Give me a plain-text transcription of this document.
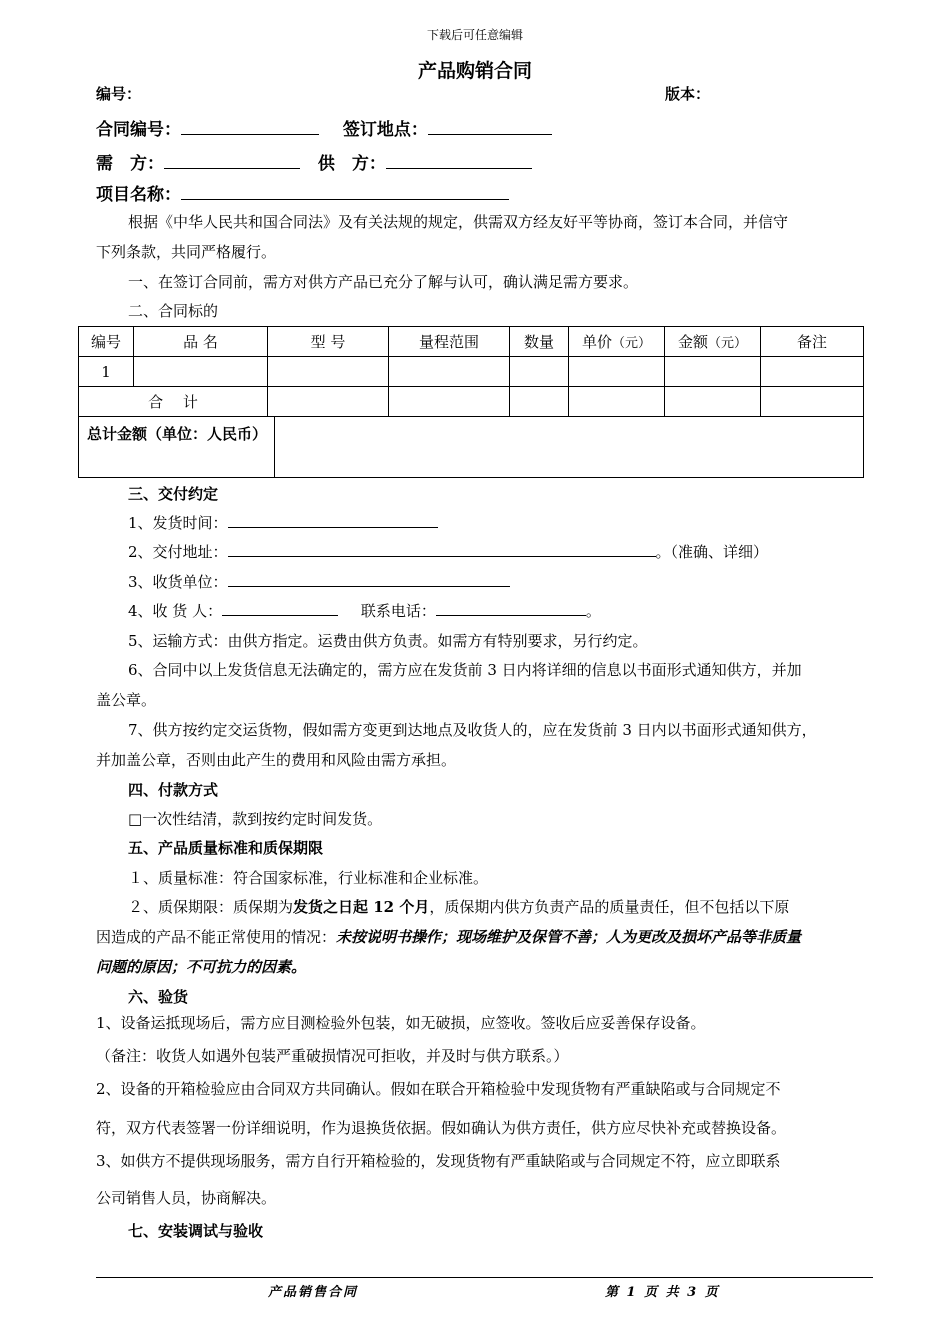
下载后可任意编辑
产品购销合同
编号：	版本：
合同编号：	签订地点：
需　方：	供　方：
项目名称：
根据《中华人民共和国合同法》及有关法规的规定，供需双方经友好平等协商，签订本合同，并信守
下列条款，共同严格履行。
一、在签订合同前，需方对供方产品已充分了解与认可，确认满足需方要求。
二、合同标的
编号	品 名	型 号	量程范围	数量	单价（元）	金额（元）	备注
1							
合　 计							
总计金额（单位：人民币）
三、交付约定
1、发货时间：
2、交付地址：	。（准确、详细）
3、收货单位：
4、收 货 人：	联系电话：	。
5、运输方式：由供方指定。运费由供方负责。如需方有特别要求，另行约定。
6、合同中以上发货信息无法确定的，需方应在发货前 3 日内将详细的信息以书面形式通知供方，并加
盖公章。
7、供方按约定交运货物，假如需方变更到达地点及收货人的，应在发货前 3 日内以书面形式通知供方，
并加盖公章，否则由此产生的费用和风险由需方承担。
四、付款方式
□一次性结清，款到按约定时间发货。
五、产品质量标准和质保期限
１、质量标准：符合国家标准，行业标准和企业标准。
２、质保期限：质保期为发货之日起 12 个月，质保期内供方负责产品的质量责任，但不包括以下原
因造成的产品不能正常使用的情况：未按说明书操作；现场维护及保管不善；人为更改及损坏产品等非质量
问题的原因；不可抗力的因素。
六、验货
1、设备运抵现场后，需方应目测检验外包装，如无破损，应签收。签收后应妥善保存设备。
（备注：收货人如遇外包装严重破损情况可拒收，并及时与供方联系。）
2、设备的开箱检验应由合同双方共同确认。假如在联合开箱检验中发现货物有严重缺陷或与合同规定不
符，双方代表签署一份详细说明，作为退换货依据。假如确认为供方责任，供方应尽快补充或替换设备。
3、如供方不提供现场服务，需方自行开箱检验的，发现货物有严重缺陷或与合同规定不符，应立即联系
公司销售人员，协商解决。
七、安装调试与验收
产品销售合同	第 1 页 共 3 页
